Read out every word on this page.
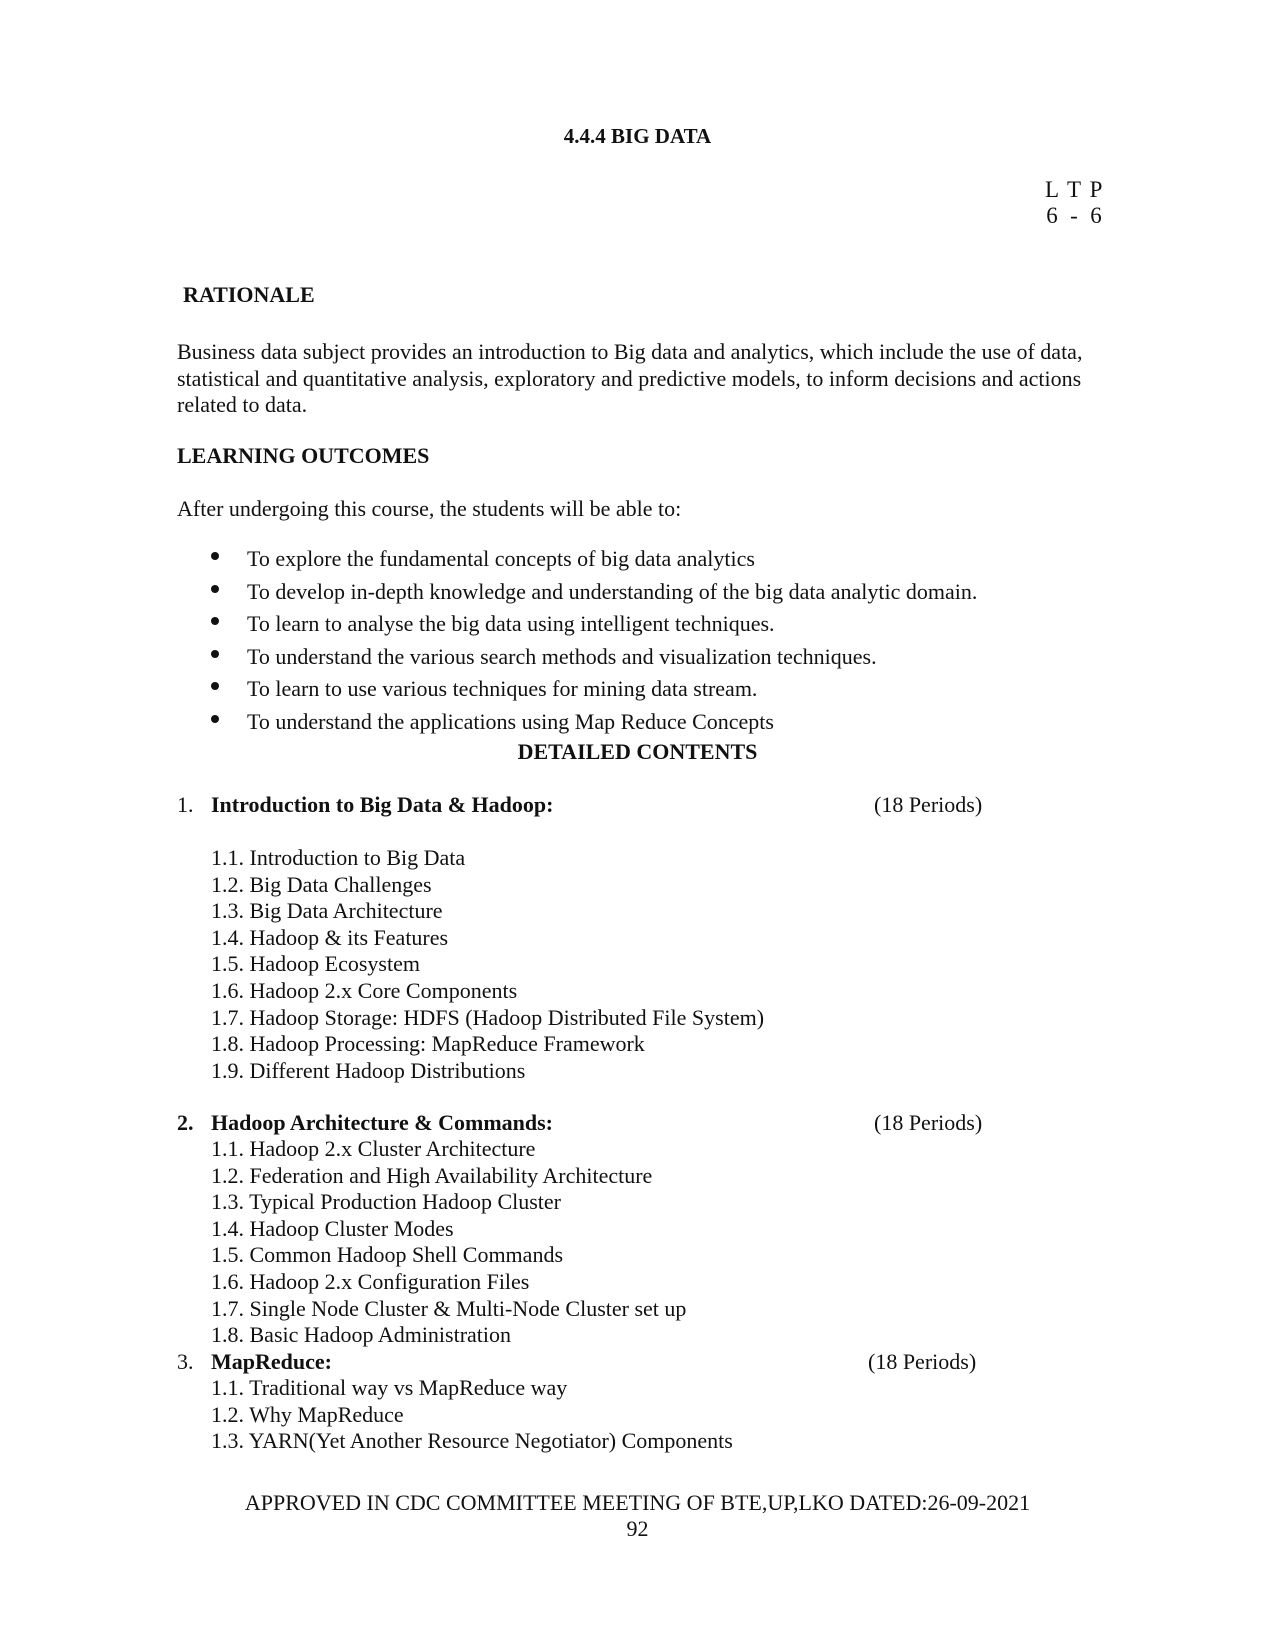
4.4.4 BIG DATA
L T P
6 - 6
RATIONALE
Business data subject provides an introduction to Big data and analytics, which include the use of data, statistical and quantitative analysis, exploratory and predictive models, to inform decisions and actions related to data.
LEARNING OUTCOMES
After undergoing this course, the students will be able to:
To explore the fundamental concepts of big data analytics
To develop in-depth knowledge and understanding of the big data analytic domain.
To learn to analyse the big data using intelligent techniques.
To understand the various search methods and visualization techniques.
To learn to use various techniques for mining data stream.
To understand the applications using Map Reduce Concepts
DETAILED CONTENTS
1. Introduction to Big Data & Hadoop:	(18 Periods)
1.1. Introduction to Big Data
1.2. Big Data Challenges
1.3. Big Data Architecture
1.4. Hadoop & its Features
1.5. Hadoop Ecosystem
1.6. Hadoop 2.x Core Components
1.7. Hadoop Storage: HDFS (Hadoop Distributed File System)
1.8. Hadoop Processing: MapReduce Framework
1.9. Different Hadoop Distributions
2. Hadoop Architecture & Commands:	(18 Periods)
1.1. Hadoop 2.x Cluster Architecture
1.2. Federation and High Availability Architecture
1.3. Typical Production Hadoop Cluster
1.4. Hadoop Cluster Modes
1.5. Common Hadoop Shell Commands
1.6. Hadoop 2.x Configuration Files
1.7. Single Node Cluster & Multi-Node Cluster set up
1.8. Basic Hadoop Administration
3. MapReduce:	(18 Periods)
1.1. Traditional way vs MapReduce way
1.2. Why MapReduce
1.3. YARN(Yet Another Resource Negotiator) Components
APPROVED IN CDC COMMITTEE MEETING OF BTE,UP,LKO DATED:26-09-2021
92
